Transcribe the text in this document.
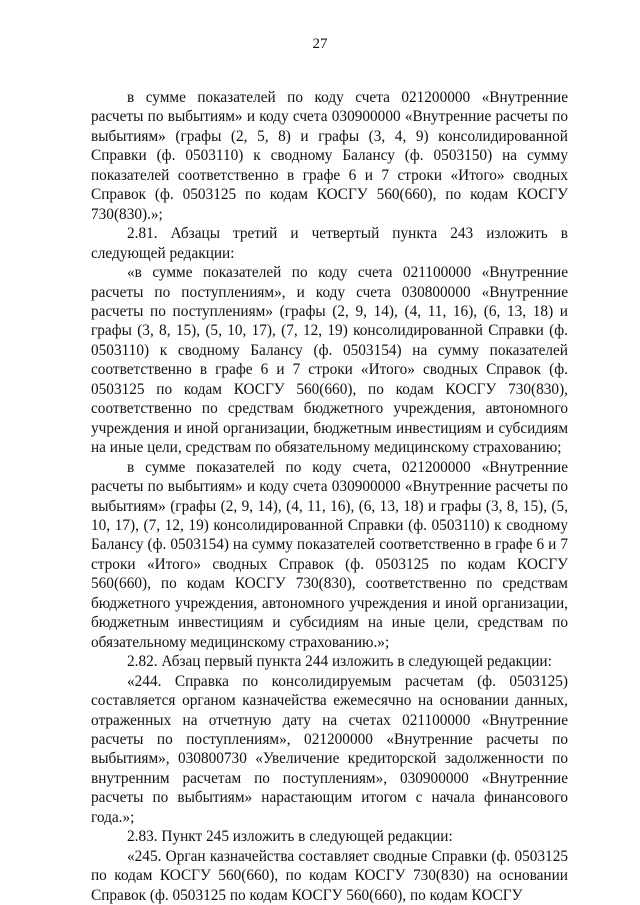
27

в сумме показателей по коду счета 021200000 «Внутренние расчеты по выбытиям» и коду счета 030900000 «Внутренние расчеты по выбытиям» (графы (2, 5, 8) и графы (3, 4, 9) консолидированной Справки (ф. 0503110) к сводному Балансу (ф. 0503150) на сумму показателей соответственно в графе 6 и 7 строки «Итого» сводных Справок (ф. 0503125 по кодам КОСГУ 560(660), по кодам КОСГУ 730(830).»;

2.81. Абзацы третий и четвертый пункта 243 изложить в следующей редакции:

«в сумме показателей по коду счета 021100000 «Внутренние расчеты по поступлениям», и коду счета 030800000 «Внутренние расчеты по поступлениям» (графы (2, 9, 14), (4, 11, 16), (6, 13, 18) и графы (3, 8, 15), (5, 10, 17), (7, 12, 19) консолидированной Справки (ф. 0503110) к сводному Балансу (ф. 0503154) на сумму показателей соответственно в графе 6 и 7 строки «Итого» сводных Справок (ф. 0503125 по кодам КОСГУ 560(660), по кодам КОСГУ 730(830), соответственно по средствам бюджетного учреждения, автономного учреждения и иной организации, бюджетным инвестициям и субсидиям на иные цели, средствам по обязательному медицинскому страхованию;

в сумме показателей по коду счета, 021200000 «Внутренние расчеты по выбытиям» и коду счета 030900000 «Внутренние расчеты по выбытиям» (графы (2, 9, 14), (4, 11, 16), (6, 13, 18) и графы (3, 8, 15), (5, 10, 17), (7, 12, 19) консолидированной Справки (ф. 0503110) к сводному Балансу (ф. 0503154) на сумму показателей соответственно в графе 6 и 7 строки «Итого» сводных Справок (ф. 0503125 по кодам КОСГУ 560(660), по кодам КОСГУ 730(830), соответственно по средствам бюджетного учреждения, автономного учреждения и иной организации, бюджетным инвестициям и субсидиям на иные цели, средствам по обязательному медицинскому страхованию.»;

2.82. Абзац первый пункта 244 изложить в следующей редакции:

«244. Справка по консолидируемым расчетам (ф. 0503125) составляется органом казначейства ежемесячно на основании данных, отраженных на отчетную дату на счетах 021100000 «Внутренние расчеты по поступлениям», 021200000 «Внутренние расчеты по выбытиям», 030800730 «Увеличение кредиторской задолженности по внутренним расчетам по поступлениям», 030900000 «Внутренние расчеты по выбытиям» нарастающим итогом с начала финансового года.»;

2.83. Пункт 245 изложить в следующей редакции:

«245. Орган казначейства составляет сводные Справки (ф. 0503125 по кодам КОСГУ 560(660), по кодам КОСГУ 730(830) на основании Справок (ф. 0503125 по кодам КОСГУ 560(660), по кодам КОСГУ
